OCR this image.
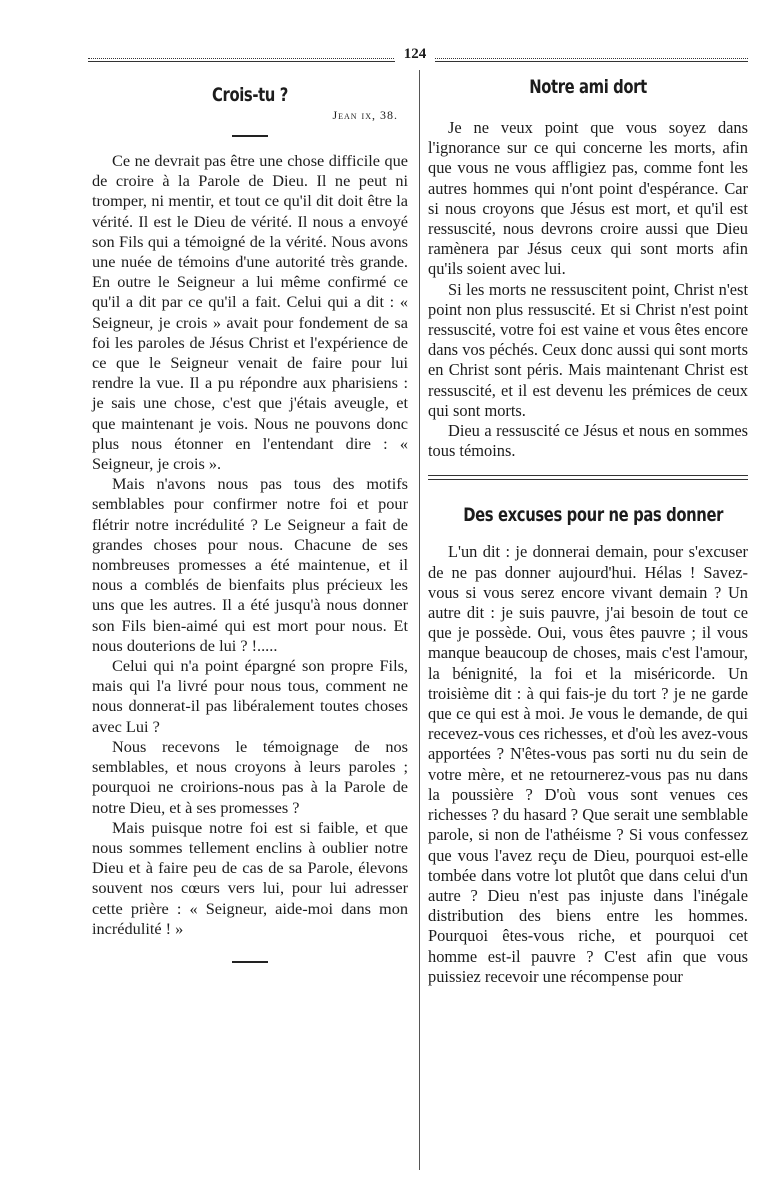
124
Crois-tu ?
Jean ix, 38.

Ce ne devrait pas être une chose difficile que de croire à la Parole de Dieu. Il ne peut ni tromper, ni mentir, et tout ce qu'il dit doit être la vérité. Il est le Dieu de vérité. Il nous a envoyé son Fils qui a témoigné de la vérité. Nous avons une nuée de témoins d'une autorité très grande. En outre le Seigneur a lui même confirmé ce qu'il a dit par ce qu'il a fait. Celui qui a dit : « Seigneur, je crois » avait pour fondement de sa foi les paroles de Jésus Christ et l'expérience de ce que le Seigneur venait de faire pour lui rendre la vue. Il a pu répondre aux pharisiens : je sais une chose, c'est que j'étais aveugle, et que maintenant je vois. Nous ne pouvons donc plus nous étonner en l'entendant dire : « Seigneur, je crois ».

Mais n'avons nous pas tous des motifs semblables pour confirmer notre foi et pour flétrir notre incrédulité ? Le Seigneur a fait de grandes choses pour nous. Chacune de ses nombreuses promesses a été maintenue, et il nous a comblés de bienfaits plus précieux les uns que les autres. Il a été jusqu'à nous donner son Fils bien-aimé qui est mort pour nous. Et nous douterions de lui ? !.....

Celui qui n'a point épargné son propre Fils, mais qui l'a livré pour nous tous, comment ne nous donnerat-il pas libéralement toutes choses avec Lui ?

Nous recevons le témoignage de nos semblables, et nous croyons à leurs paroles ; pourquoi ne croirions-nous pas à la Parole de notre Dieu, et à ses promesses ?

Mais puisque notre foi est si faible, et que nous sommes tellement enclins à oublier notre Dieu et à faire peu de cas de sa Parole, élevons souvent nos cœurs vers lui, pour lui adresser cette prière : « Seigneur, aide-moi dans mon incrédulité ! »

Notre ami dort

Je ne veux point que vous soyez dans l'ignorance sur ce qui concerne les morts, afin que vous ne vous affligiez pas, comme font les autres hommes qui n'ont point d'espérance. Car si nous croyons que Jésus est mort, et qu'il est ressuscité, nous devrons croire aussi que Dieu ramènera par Jésus ceux qui sont morts afin qu'ils soient avec lui.

Si les morts ne ressuscitent point, Christ n'est point non plus ressuscité. Et si Christ n'est point ressuscité, votre foi est vaine et vous êtes encore dans vos péchés. Ceux donc aussi qui sont morts en Christ sont péris. Mais maintenant Christ est ressuscité, et il est devenu les prémices de ceux qui sont morts.

Dieu a ressuscité ce Jésus et nous en sommes tous témoins.

Des excuses pour ne pas donner

L'un dit : je donnerai demain, pour s'excuser de ne pas donner aujourd'hui. Hélas ! Savez-vous si vous serez encore vivant demain ? Un autre dit : je suis pauvre, j'ai besoin de tout ce que je possède. Oui, vous êtes pauvre ; il vous manque beaucoup de choses, mais c'est l'amour, la bénignité, la foi et la miséricorde. Un troisième dit : à qui fais-je du tort ? je ne garde que ce qui est à moi. Je vous le demande, de qui recevez-vous ces richesses, et d'où les avez-vous apportées ? N'êtes-vous pas sorti nu du sein de votre mère, et ne retournerez-vous pas nu dans la poussière ? D'où vous sont venues ces richesses ? du hasard ? Que serait une semblable parole, si non de l'athéisme ? Si vous confessez que vous l'avez reçu de Dieu, pourquoi est-elle tombée dans votre lot plutôt que dans celui d'un autre ? Dieu n'est pas injuste dans l'inégale distribution des biens entre les hommes. Pourquoi êtes-vous riche, et pourquoi cet homme est-il pauvre ? C'est afin que vous puissiez recevoir une récompense pour
